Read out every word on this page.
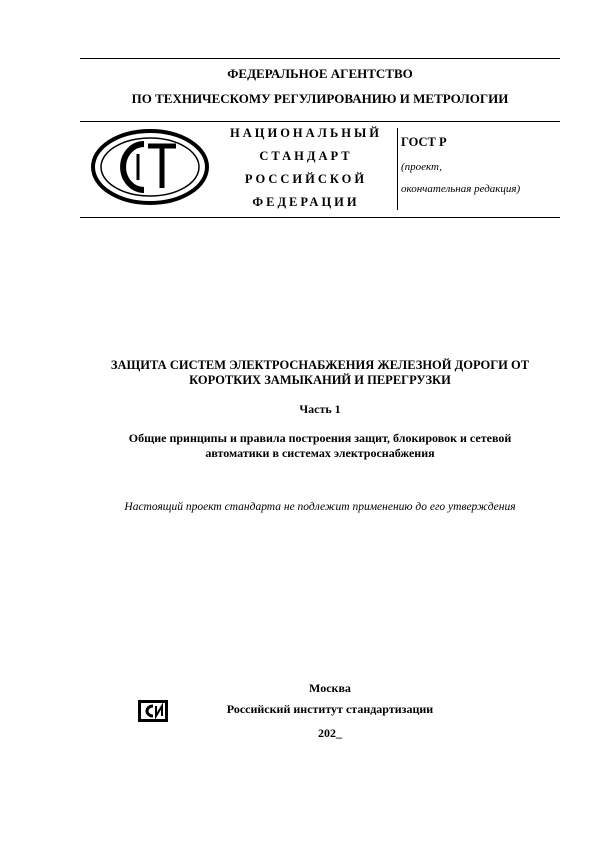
ФЕДЕРАЛЬНОЕ АГЕНТСТВО
ПО ТЕХНИЧЕСКОМУ РЕГУЛИРОВАНИЮ И МЕТРОЛОГИИ
НАЦИОНАЛЬНЫЙ
СТАНДАРТ
РОССИЙСКОЙ
ФЕДЕРАЦИИ
ГОСТ Р
(проект,
окончательная редакция)
ЗАЩИТА СИСТЕМ ЭЛЕКТРОСНАБЖЕНИЯ ЖЕЛЕЗНОЙ ДОРОГИ ОТ
КОРОТКИХ ЗАМЫКАНИЙ И ПЕРЕГРУЗКИ
Часть 1
Общие принципы и правила построения защит, блокировок и сетевой
автоматики в системах электроснабжения
Настоящий проект стандарта не подлежит применению до его утверждения
Москва
Российский институт стандартизации
202_
